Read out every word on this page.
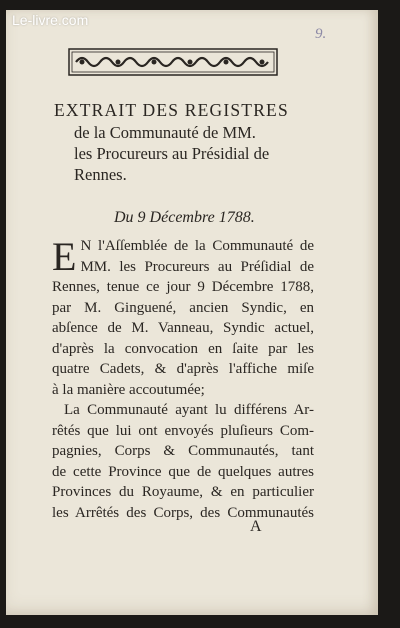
Le-livre.com
9.
EXTRAIT DES REGISTRES
de la Communauté de MM.
les Procureurs au Présidial de
Rennes.
Du 9 Décembre 1788.
E N l'Aſſemblée de la Communauté de
MM. les Procureurs au Préſidial de
Rennes, tenue ce jour 9 Décembre 1788,
par M. Ginguené, ancien Syndic, en
abſence de M. Vanneau, Syndic actuel,
d'après la convocation en ſaite par les
quatre Cadets, & d'après l'affiche miſe
à la manière accoutumée;
La Communauté ayant lu différens Ar-
rêtés que lui ont envoyés pluſieurs Com-
pagnies, Corps & Communautés, tant
de cette Province que de quelques autres
Provinces du Royaume, & en particulier
les Arrêtés des Corps, des Communautés
A
